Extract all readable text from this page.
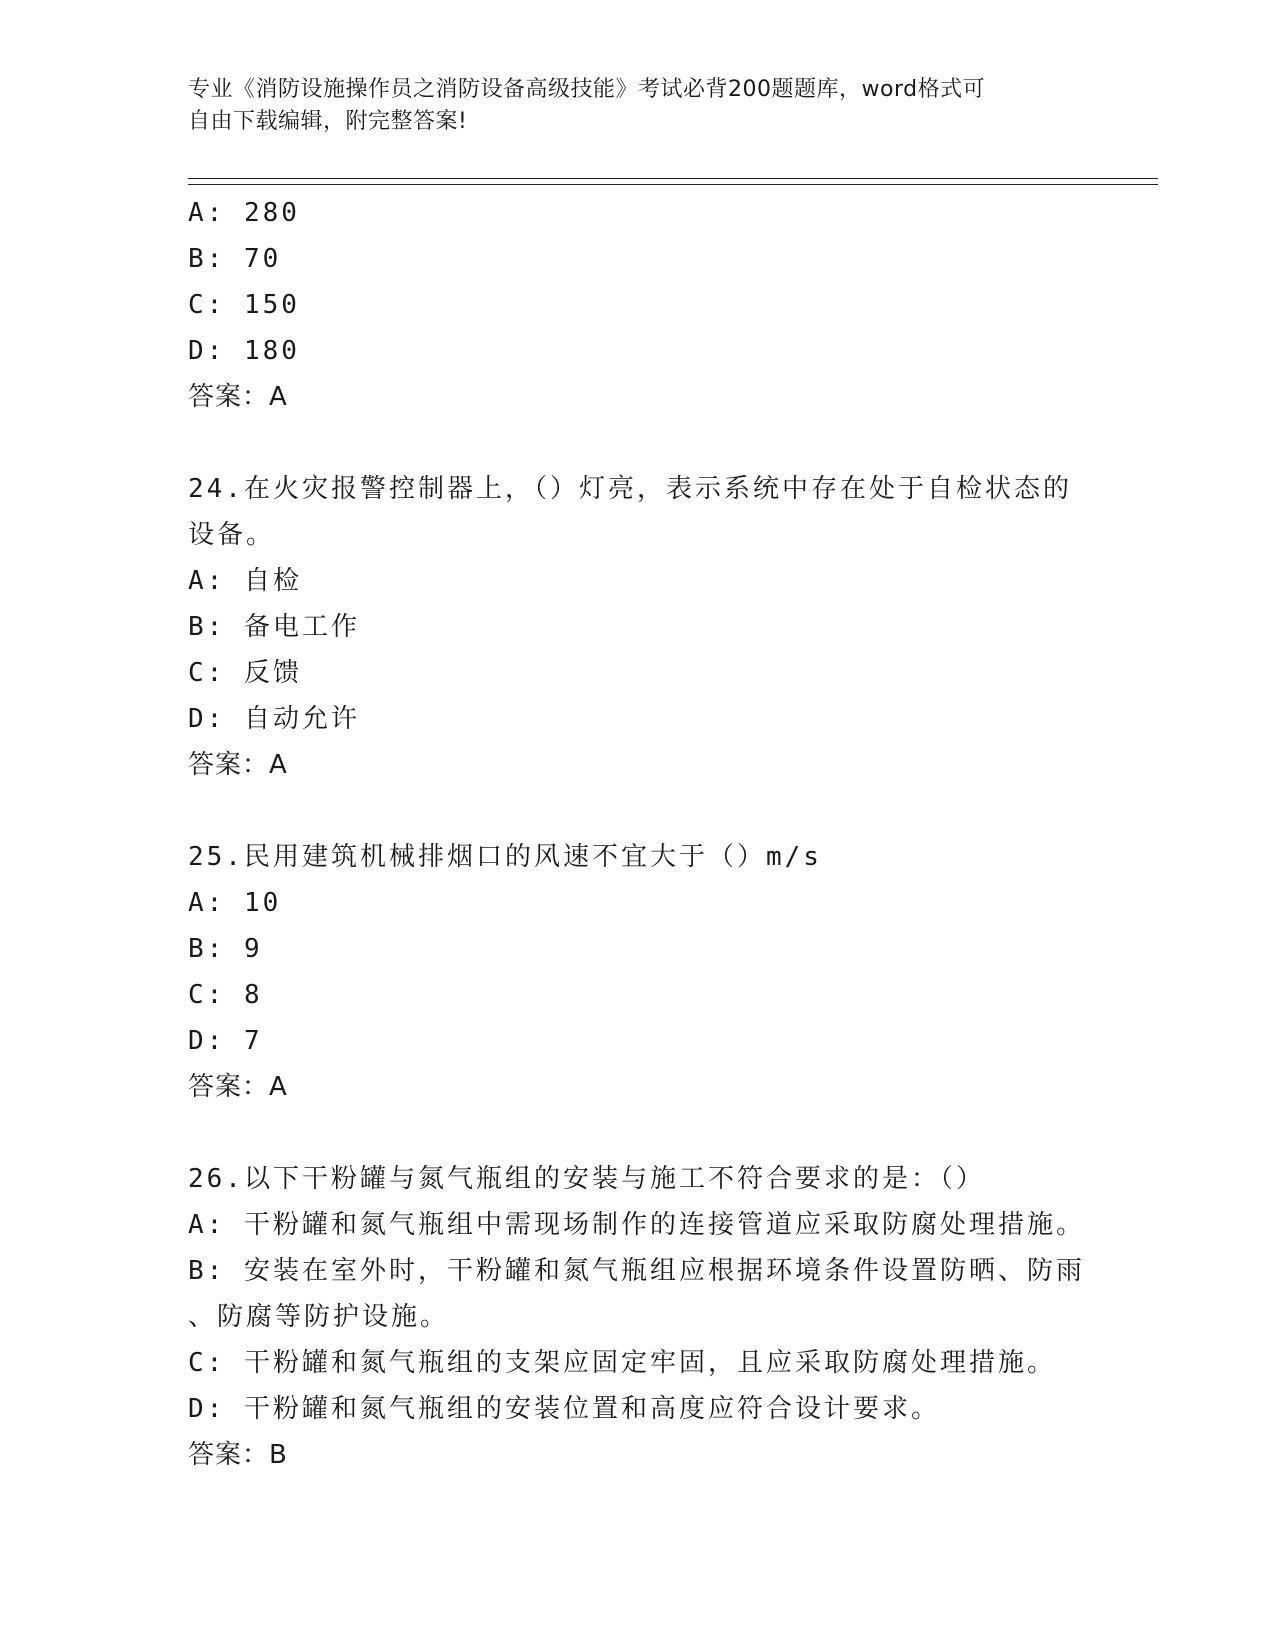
专业《消防设施操作员之消防设备高级技能》考试必背200题题库，word格式可
自由下载编辑，附完整答案!
A: 280
B: 70
C: 150
D: 180
答案：A
24.在火灾报警控制器上，（）灯亮，表示系统中存在处于自检状态的
设备。
A: 自检
B: 备电工作
C: 反馈
D: 自动允许
答案：A
25.民用建筑机械排烟口的风速不宜大于（）m/s
A: 10
B: 9
C: 8
D: 7
答案：A
26.以下干粉罐与氮气瓶组的安装与施工不符合要求的是：（）
A: 干粉罐和氮气瓶组中需现场制作的连接管道应采取防腐处理措施。
B: 安装在室外时，干粉罐和氮气瓶组应根据环境条件设置防晒、防雨
、防腐等防护设施。
C: 干粉罐和氮气瓶组的支架应固定牢固，且应采取防腐处理措施。
D: 干粉罐和氮气瓶组的安装位置和高度应符合设计要求。
答案：B
